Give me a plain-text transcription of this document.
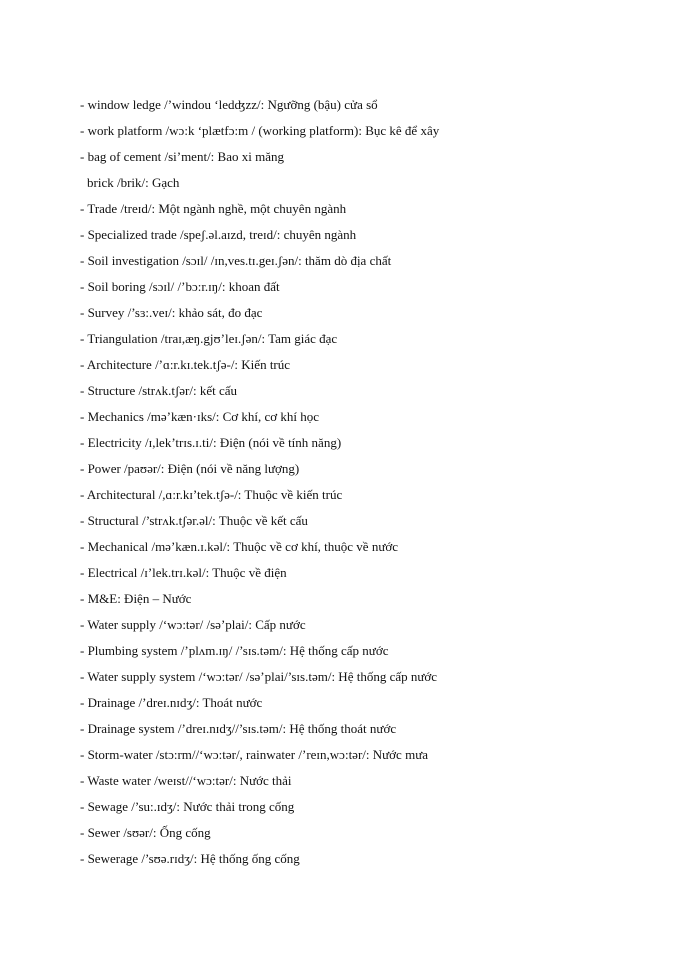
- window ledge /’windou ‘ledʤzz/: Ngưỡng (bậu) cửa sổ
- work platform /wɔ:k ‘plætfɔ:m / (working platform): Bục kê để xây
- bag of cement /si’ment/: Bao xi măng
brick /brik/: Gạch
- Trade /treɪd/: Một ngành nghề, một chuyên ngành
- Specialized trade /speʃ.əl.aɪzd, treɪd/: chuyên ngành
- Soil investigation /sɔɪl/ /ɪn,ves.tɪ.geɪ.ʃən/: thăm dò địa chất
- Soil boring /sɔɪl/ /’bɔ:r.ɪŋ/: khoan đất
- Survey /’sɜ:.veɪ/: khảo sát, đo đạc
- Triangulation /traɪ,æŋ.gjʊ’leɪ.ʃən/: Tam giác đạc
- Architecture /’ɑ:r.kɪ.tek.tʃə-/: Kiến trúc
- Structure /strʌk.tʃər/: kết cấu
- Mechanics /mə’kæn·ɪks/: Cơ khí, cơ khí học
- Electricity /ɪ,lek’trɪs.ɪ.ti/: Điện (nói về tính năng)
- Power /paʊər/: Điện (nói về năng lượng)
- Architectural /,ɑ:r.kɪ’tek.tʃə-/: Thuộc về kiến trúc
- Structural /’strʌk.tʃər.əl/: Thuộc về kết cấu
- Mechanical /mə’kæn.ɪ.kəl/: Thuộc về cơ khí, thuộc về nước
- Electrical /ɪ’lek.trɪ.kəl/: Thuộc về điện
- M&E: Điện – Nước
- Water supply /‘wɔ:tər/ /sə’plai/: Cấp nước
- Plumbing system /’plʌm.ɪŋ/ /’sɪs.təm/: Hệ thống cấp nước
- Water supply system /‘wɔ:tər/ /sə’plai/’sɪs.təm/: Hệ thống cấp nước
- Drainage /’dreɪ.nɪdʒ/: Thoát nước
- Drainage system /’dreɪ.nɪdʒ//’sɪs.təm/: Hệ thống thoát nước
- Storm-water /stɔ:rm//‘wɔ:tər/, rainwater /’reɪn,wɔ:tər/: Nước mưa
- Waste water /weɪst//‘wɔ:tər/: Nước thải
- Sewage /’su:.ɪdʒ/: Nước thải trong cống
- Sewer /sʊər/: Ống cống
- Sewerage /’sʊə.rɪdʒ/: Hệ thống ống cống
